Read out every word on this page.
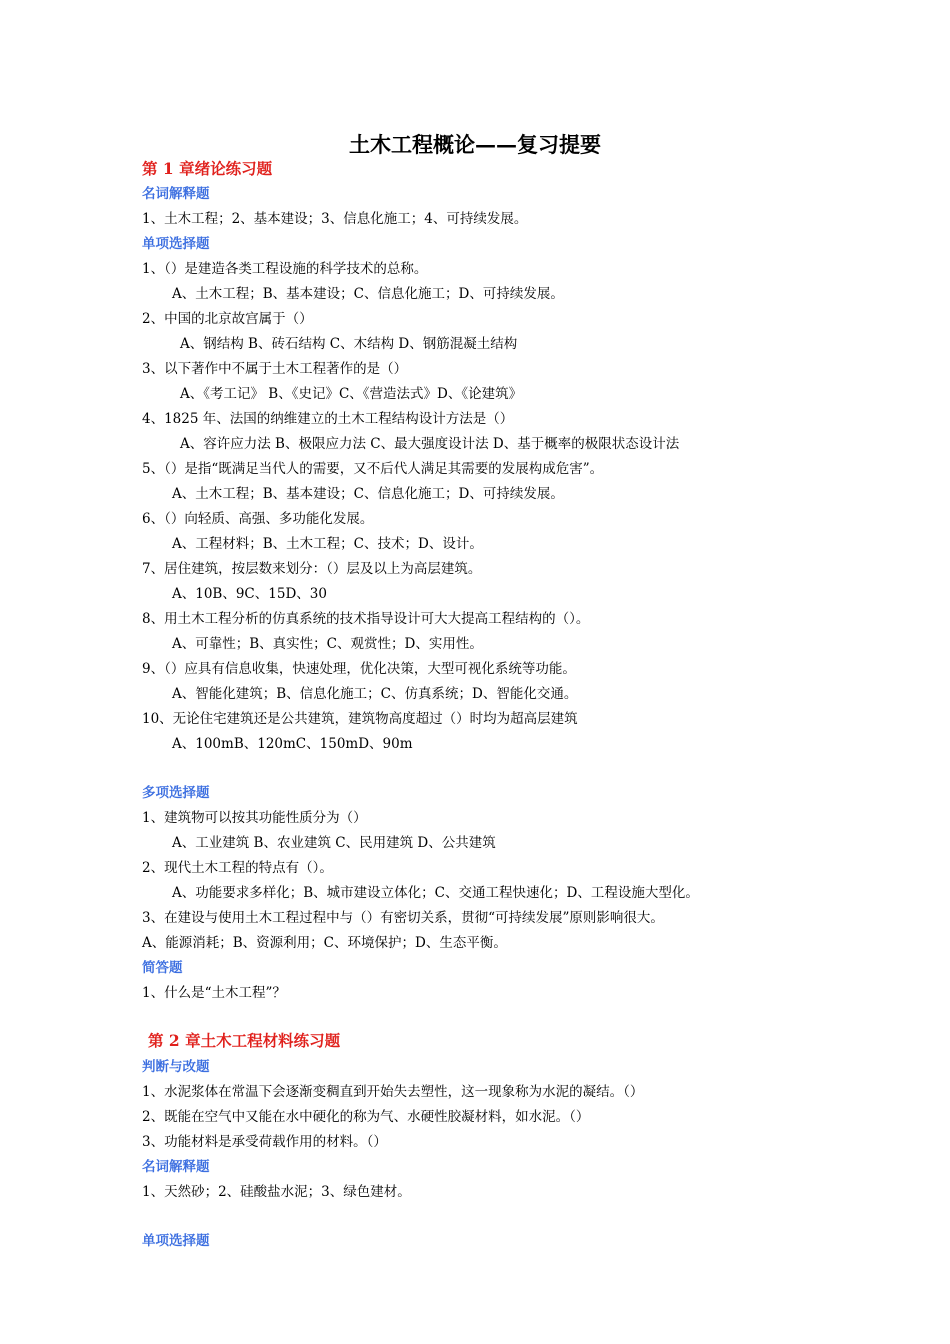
土木工程概论——复习提要
第 1 章绪论练习题
名词解释题
1、土木工程；2、基本建设；3、信息化施工；4、可持续发展。
单项选择题
1、（）是建造各类工程设施的科学技术的总称。
A、土木工程；B、基本建设；C、信息化施工；D、可持续发展。
2、中国的北京故宫属于（）
A、钢结构 B、砖石结构 C、木结构 D、钢筋混凝土结构
3、以下著作中不属于土木工程著作的是（）
A、《考工记》 B、《史记》C、《营造法式》D、《论建筑》
4、1825 年、法国的纳维建立的土木工程结构设计方法是（）
A、容许应力法 B、极限应力法 C、最大强度设计法 D、基于概率的极限状态设计法
5、（）是指“既满足当代人的需要，又不后代人满足其需要的发展构成危害”。
A、土木工程；B、基本建设；C、信息化施工；D、可持续发展。
6、（）向轻质、高强、多功能化发展。
A、工程材料；B、土木工程；C、技术；D、设计。
7、居住建筑，按层数来划分：（）层及以上为高层建筑。
A、10B、9C、15D、30
8、用土木工程分析的仿真系统的技术指导设计可大大提高工程结构的（）。
A、可靠性；B、真实性；C、观赏性；D、实用性。
9、（）应具有信息收集，快速处理，优化决策，大型可视化系统等功能。
A、智能化建筑；B、信息化施工；C、仿真系统；D、智能化交通。
10、无论住宅建筑还是公共建筑，建筑物高度超过（）时均为超高层建筑
A、100mB、120mC、150mD、90m
多项选择题
1、建筑物可以按其功能性质分为（）
A、工业建筑 B、农业建筑 C、民用建筑 D、公共建筑
2、现代土木工程的特点有（）。
A、功能要求多样化；B、城市建设立体化；C、交通工程快速化；D、工程设施大型化。
3、在建设与使用土木工程过程中与（）有密切关系，贯彻“可持续发展”原则影响很大。
A、能源消耗；B、资源利用；C、环境保护；D、生态平衡。
简答题
1、什么是“土木工程”？
第 2 章土木工程材料练习题
判断与改题
1、水泥浆体在常温下会逐渐变稠直到开始失去塑性，这一现象称为水泥的凝结。（）
2、既能在空气中又能在水中硬化的称为气、水硬性胶凝材料，如水泥。（）
3、功能材料是承受荷载作用的材料。（）
名词解释题
1、天然砂；2、硅酸盐水泥；3、绿色建材。
单项选择题
